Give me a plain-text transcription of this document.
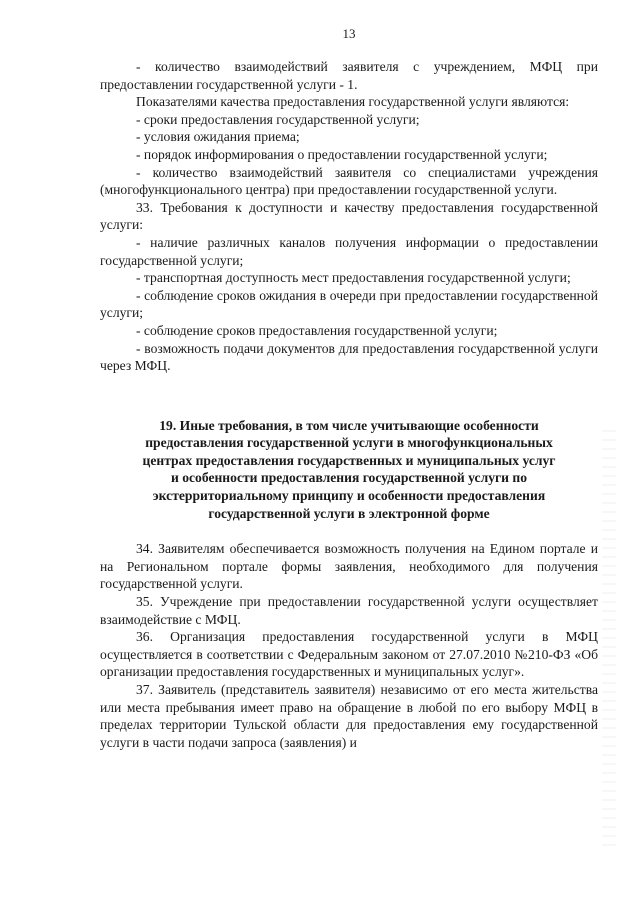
13

- количество взаимодействий заявителя с учреждением, МФЦ при предоставлении государственной услуги - 1.

Показателями качества предоставления государственной услуги являются:

- сроки предоставления государственной услуги;

- условия ожидания приема;

- порядок информирования о предоставлении государственной услуги;

- количество взаимодействий заявителя со специалистами учреждения (многофункционального центра) при предоставлении государственной услуги.

33. Требования к доступности и качеству предоставления государственной услуги:

- наличие различных каналов получения информации о предоставлении государственной услуги;

- транспортная доступность мест предоставления государственной услуги;

- соблюдение сроков ожидания в очереди при предоставлении государственной услуги;

- соблюдение сроков предоставления государственной услуги;

- возможность подачи документов для предоставления государственной услуги через МФЦ.

19. Иные требования, в том числе учитывающие особенности
предоставления государственной услуги в многофункциональных
центрах предоставления государственных и муниципальных услуг
и особенности предоставления государственной услуги по
экстерриториальному принципу и особенности предоставления
государственной услуги в электронной форме

34. Заявителям обеспечивается возможность получения на Едином портале и на Региональном портале формы заявления, необходимого для получения государственной услуги.

35. Учреждение при предоставлении государственной услуги осуществляет взаимодействие с МФЦ.

36. Организация предоставления государственной услуги в МФЦ осуществляется в соответствии с Федеральным законом от 27.07.2010 №210-ФЗ «Об организации предоставления государственных и муниципальных услуг».

37. Заявитель (представитель заявителя) независимо от его места жительства или места пребывания имеет право на обращение в любой по его выбору МФЦ в пределах территории Тульской области для предоставления ему государственной услуги в части подачи запроса (заявления) и
